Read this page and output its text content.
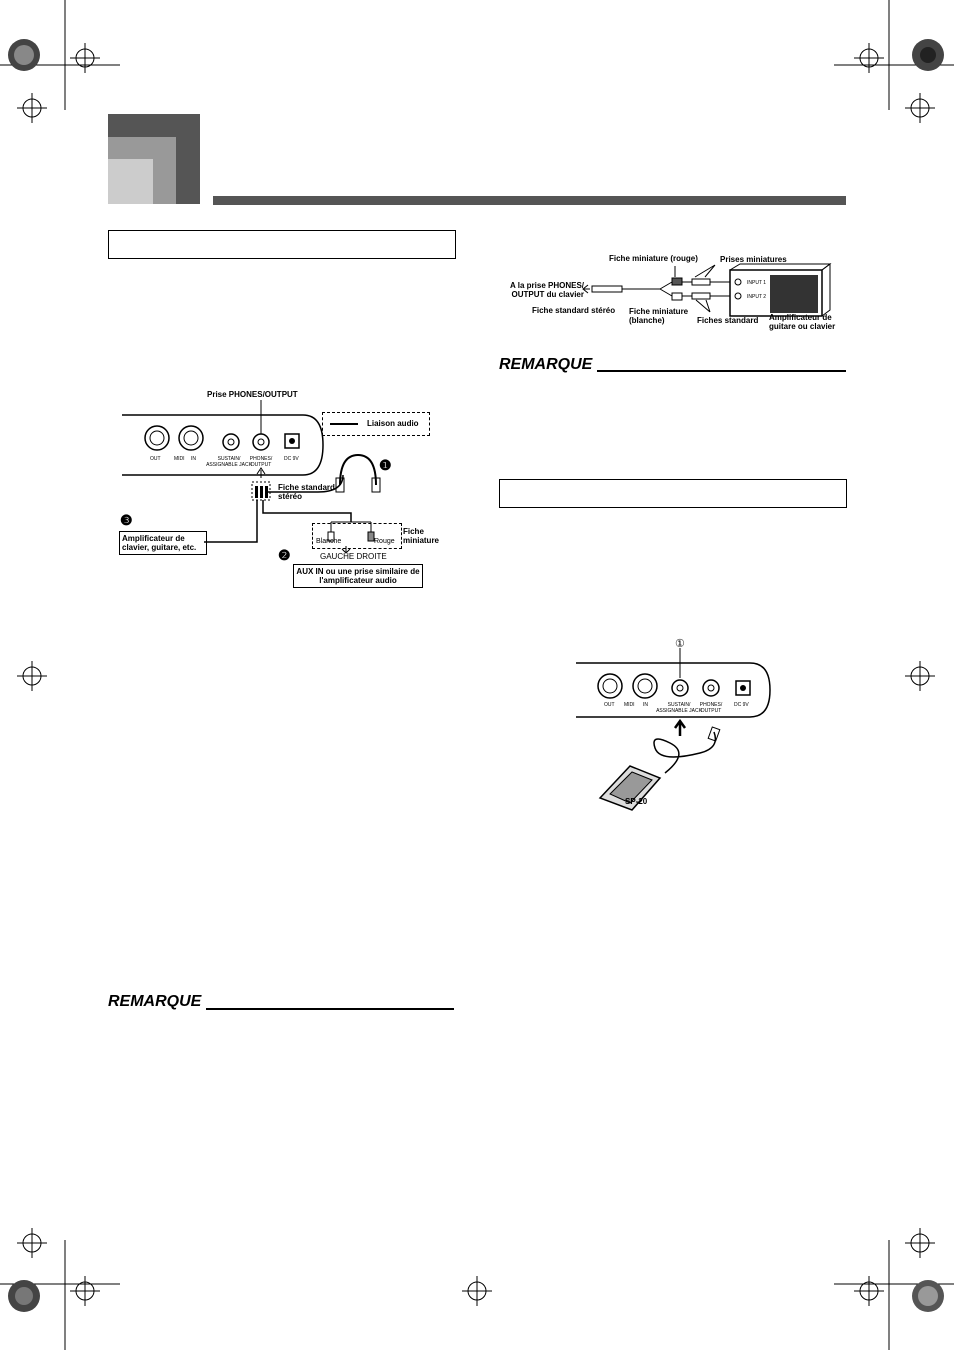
Prise PHONES/OUTPUT
OUT	MIDI IN	SUSTAIN/ ASSIGNABLE JACK
PHONES/ OUTPUT
DC 9V
Liaison audio
❶
Fiche standard stéréo
❸
Amplificateur de clavier, guitare, etc.
Fiche miniature
Blanche	Rouge
GAUCHE DROITE
❷
AUX IN ou une prise similaire de l'amplificateur audio
REMARQUE
Fiche miniature (rouge)	Prises miniatures
A la prise PHONES/ OUTPUT du clavier
Fiche standard stéréo Fiche miniature (blanche)	Fiches standard Amplificateur de guitare ou clavier
INPUT 1
INPUT 2
REMARQUE
①
OUT MIDI IN	SUSTAIN/ ASSIGNABLE JACK
PHONES/ OUTPUT
DC 9V
SP-20
